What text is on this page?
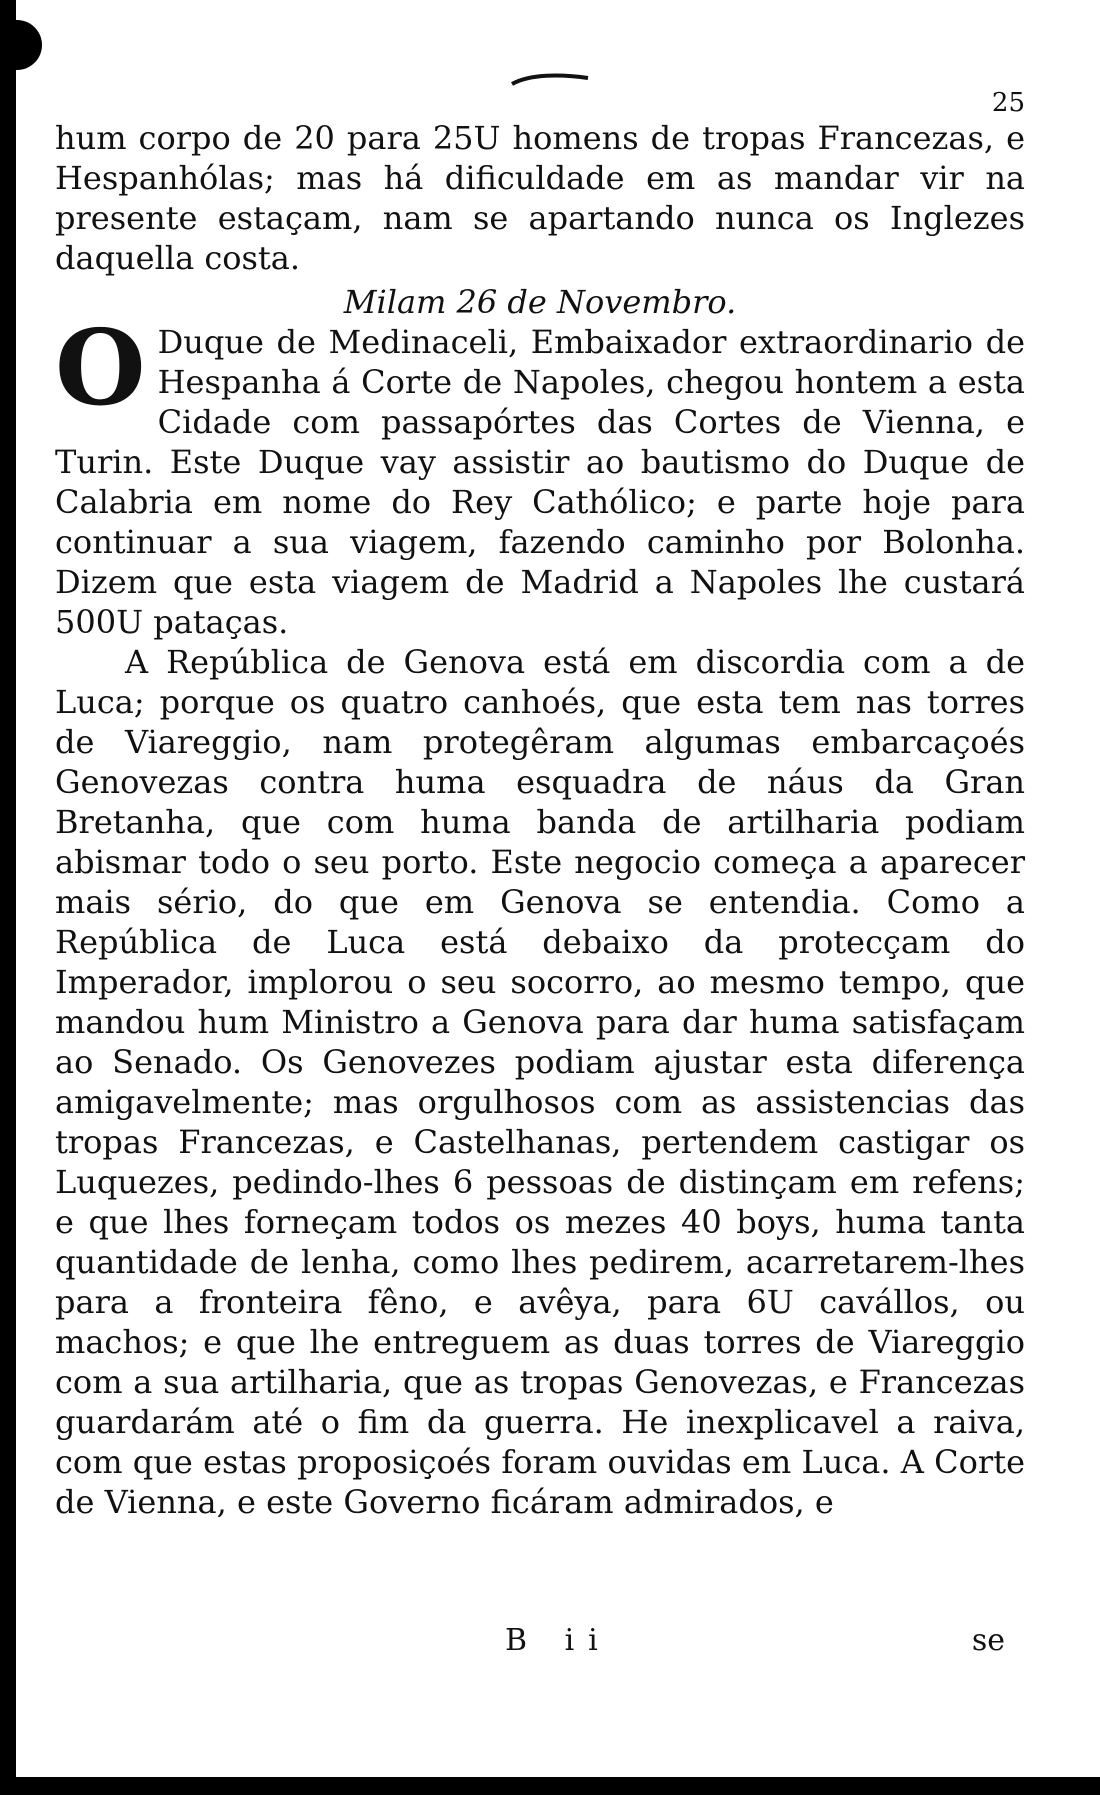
25

hum corpo de 20 para 25U homens de tropas Francezas, e Hespanhólas; mas há dificuldade em as mandar vir na presente estaçam, nam se apartando nunca os Inglezes daquella costa.

Milam 26 de Novembro.

O Duque de Medinaceli, Embaixador extraordinario de Hespanha á Corte de Napoles, chegou hontem a esta Cidade com passapórtes das Cortes de Vienna, e Turin. Este Duque vay assistir ao bautismo do Duque de Calabria em nome do Rey Cathólico; e parte hoje para continuar a sua viagem, fazendo caminho por Bolonha. Dizem que esta viagem de Madrid a Napoles lhe custará 500U pataças.

A República de Genova está em discordia com a de Luca; porque os quatro canhoés, que esta tem nas torres de Viareggio, nam protegêram algumas embarcaçoés Genovezas contra huma esquadra de náus da Gran Bretanha, que com huma banda de artilharia podiam abismar todo o seu porto. Este negocio começa a aparecer mais sério, do que em Genova se entendia. Como a República de Luca está debaixo da protecçam do Imperador, implorou o seu socorro, ao mesmo tempo, que mandou hum Ministro a Genova para dar huma satisfaçam ao Senado. Os Genovezes podiam ajustar esta diferença amigavelmente; mas orgulhosos com as assistencias das tropas Francezas, e Castelhanas, pertendem castigar os Luquezes, pedindo-lhes 6 pessoas de distinçam em refens; e que lhes forneçam todos os mezes 40 boys, huma tanta quantidade de lenha, como lhes pedirem, acarretarem-lhes para a fronteira fêno, e avêya, para 6U cavállos, ou machos; e que lhe entreguem as duas torres de Viareggio com a sua artilharia, que as tropas Genovezas, e Francezas guardarám até o fim da guerra. He inexplicavel a raiva, com que estas proposiçoés foram ouvidas em Luca. A Corte de Vienna, e este Governo ficáram admirados, e

B ii	se
